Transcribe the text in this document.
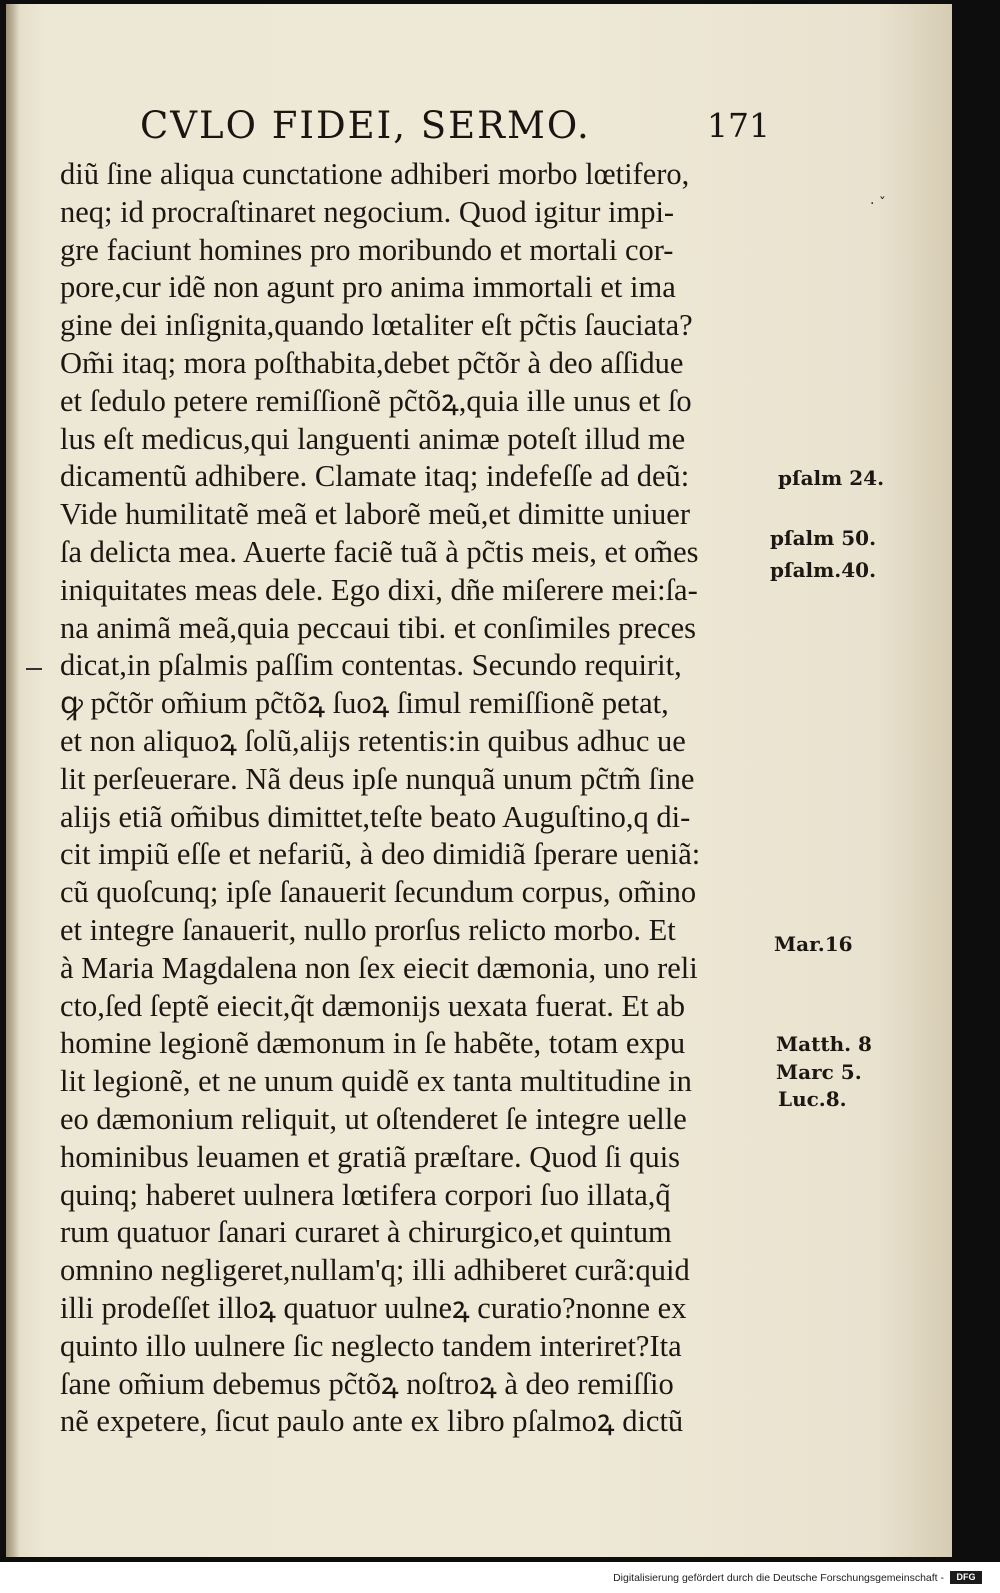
CVLO FIDEI, SERMO.	171
diũ ſine aliqua cunctatione adhiberi morbo lœtifero,
neq; id procraſtinaret negocium. Quod igitur impi-
gre faciunt homines pro moribundo et mortali cor-
pore,cur idẽ non agunt pro anima immortali et ima
gine dei inſignita,quando lœtaliter eſt pc̃tis ſauciata?
Om̃i itaq; mora poſthabita,debet pc̃tõr à deo aſſidue
et ſedulo petere remiſſionẽ pc̃tõꝝ,quia ille unus et ſo
lus eſt medicus,qui languenti animæ poteſt illud me
dicamentũ adhibere. Clamate itaq; indefeſſe ad deũ:
Vide humilitatẽ meã et laborẽ meũ,et dimitte uniuer
ſa delicta mea. Auerte faciẽ tuã à pc̃tis meis, et om̃es
iniquitates meas dele. Ego dixi, dñe miſerere mei:ſa-
na animã meã,quia peccaui tibi. et conſimiles preces
dicat,in pſalmis paſſim contentas. Secundo requirit,
ꝙ pc̃tõr om̃ium pc̃tõꝝ ſuoꝝ ſimul remiſſionẽ petat,
et non aliquoꝝ ſolũ,alijs retentis:in quibus adhuc ue
lit perſeuerare. Nã deus ipſe nunquã unum pc̃tm̃ ſine
alijs etiã om̃ibus dimittet,teſte beato Auguſtino,q di-
cit impiũ eſſe et nefariũ, à deo dimidiã ſperare ueniã:
cũ quoſcunq; ipſe ſanauerit ſecundum corpus, om̃ino
et integre ſanauerit, nullo prorſus relicto morbo. Et
à Maria Magdalena non ſex eiecit dæmonia, uno reli
cto,ſed ſeptẽ eiecit,q̃t dæmonijs uexata fuerat. Et ab
homine legionẽ dæmonum in ſe habẽte, totam expu
lit legionẽ, et ne unum quidẽ ex tanta multitudine in
eo dæmonium reliquit, ut oſtenderet ſe integre uelle
hominibus leuamen et gratiã præſtare. Quod ſi quis
quinq; haberet uulnera lœtifera corpori ſuo illata,q̃
rum quatuor ſanari curaret à chirurgico,et quintum
omnino negligeret,nullam'q; illi adhiberet curã:quid
illi prodeſſet illoꝝ quatuor uulneꝝ curatio?nonne ex
quinto illo uulnere ſic neglecto tandem interiret?Ita
ſane om̃ium debemus pc̃tõꝝ noſtroꝝ à deo remiſſio
nẽ expetere, ſicut paulo ante ex libro pſalmoꝝ dictũ
pſalm 24.
pſalm 50.
pſalm.40.
Mar.16
Matth. 8
Marc 5.
Luc.8.
· ˇ
Digitalisierung gefördert durch die Deutsche Forschungsgemeinschaft -	DFG
